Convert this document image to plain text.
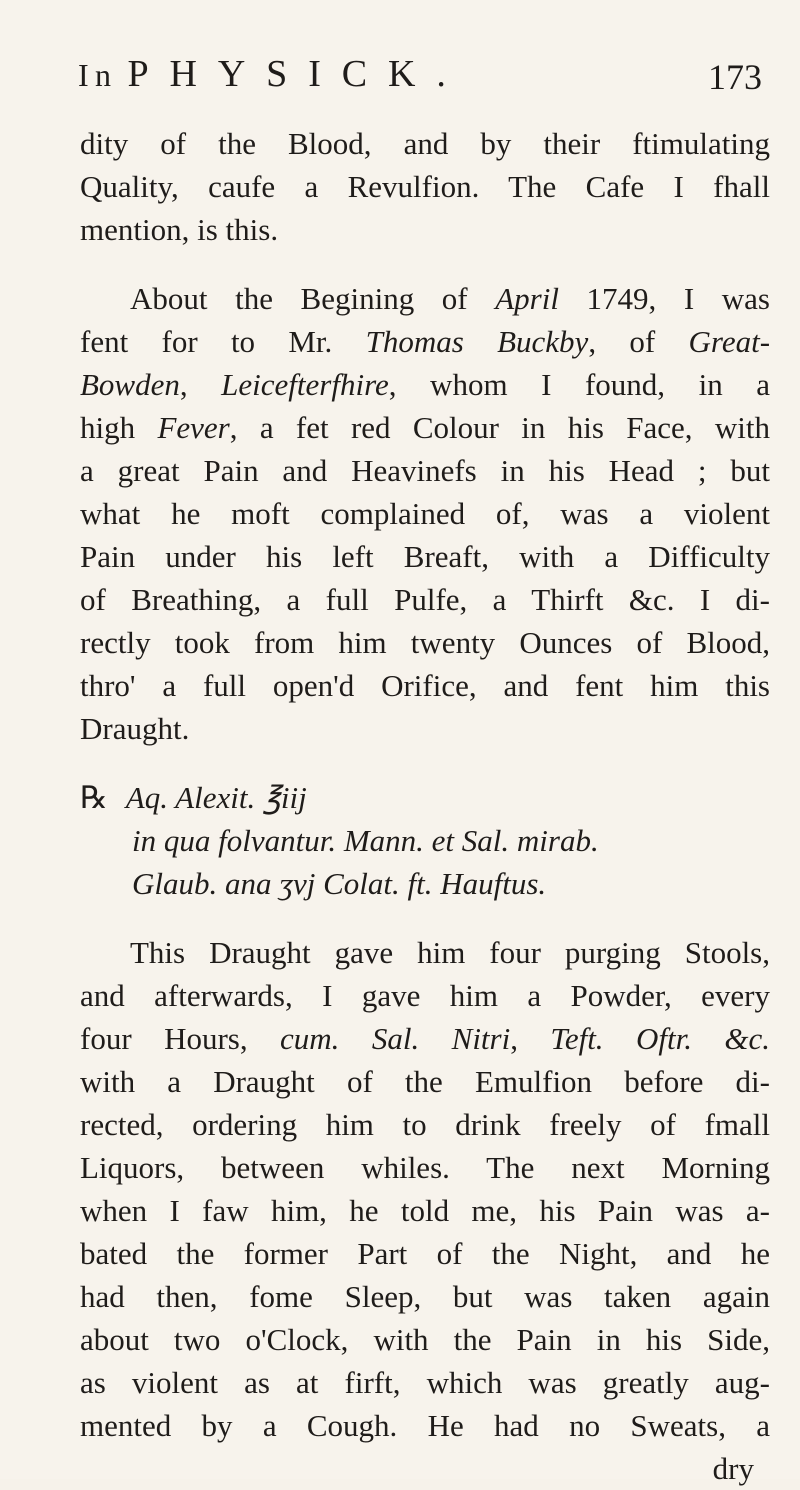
In PHYSICK.	173

dity of the Blood, and by their ftimulating
Quality, caufe a Revulfion. The Cafe I fhall
mention, is this.

About the Begining of April 1749, I was
fent for to Mr. Thomas Buckby, of Great-
Bowden, Leicefterfhire, whom I found, in a
high Fever, a fet red Colour in his Face, with
a great Pain and Heavinefs in his Head ; but
what he moft complained of, was a violent
Pain under his left Breaft, with a Difficulty
of Breathing, a full Pulfe, a Thirft &c. I di-
rectly took from him twenty Ounces of Blood,
thro' a full open'd Orifice, and fent him this
Draught.

℞ Aq. Alexit. ℥iij
in qua folvantur. Mann. et Sal. mirab.
Glaub. ana ʒvj Colat. ft. Hauftus.

This Draught gave him four purging Stools,
and afterwards, I gave him a Powder, every
four Hours, cum. Sal. Nitri, Teft. Oftr. &c.
with a Draught of the Emulfion before di-
rected, ordering him to drink freely of fmall
Liquors, between whiles. The next Morning
when I faw him, he told me, his Pain was a-
bated the former Part of the Night, and he
had then, fome Sleep, but was taken again
about two o'Clock, with the Pain in his Side,
as violent as at firft, which was greatly aug-
mented by a Cough. He had no Sweats, a
dry
